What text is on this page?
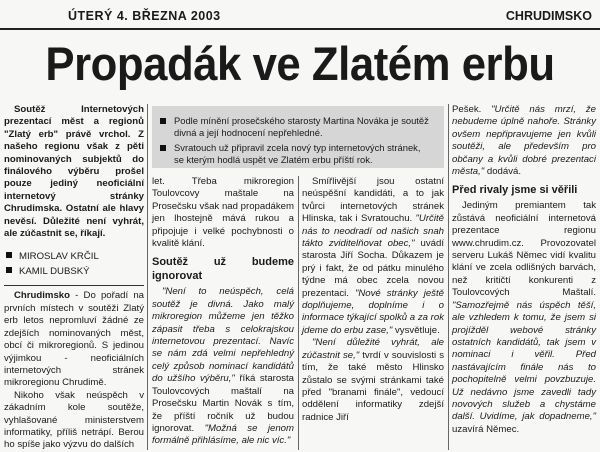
ÚTERÝ 4. BŘEZNA 2003	CHRUDIMSKO
Propadák ve Zlatém erbu

Soutěž Internetových prezentací měst a regionů "Zlatý erb" právě vrchol. Z našeho regionu však z pěti nominovaných subjektů do finálového výběru prošel pouze jediný neoficiální internetový stránky Chrudimska. Ostatní ale hlavy nevěsí. Důležité není vyhrát, ale zúčastnit se, říkají.

MIROSLAV KRČIL
KAMIL DUBSKÝ

Chrudimsko - Do pořadí na prvních místech v soutěži Zlatý erb letos nepromluví žádné ze zdejších nominovaných měst, obcí či mikroregionů. S jedinou výjimkou - neoficiálních internetových stránek mikroregionu Chrudimě.

Nikoho však neúspěch v zákadním kole soutěže, vyhlašované ministerstvem informatiky, příliš netrápí. Berou ho spíše jako výzvu do dalších

Podle mínění prosečského starosty Martina Nováka je soutěž divná a její hodnocení nepřehledné.
Svratouch už připravil zcela nový typ internetových stránek, se kterým hodlá uspět ve Zlatém erbu příští rok.

let. Třeba mikroregion Toulovcovy maštale na Prosečsku však nad propadákem jen lhostejně mává rukou a připojuje i velké pochybnosti o kvalitě klání.

Soutěž už budeme ignorovat

"Není to neúspěch, celá soutěž je divná. Jako malý mikroregion můžeme jen těžko zápasit třeba s celokrajskou internetovou prezentací. Navíc se nám zdá velmi nepřehledný celý způsob nominací kandidátů do užšího výběru," říká starosta Toulovcových maštalí na Prosečsku Martin Novák s tím, že příští ročník už budou ignorovat. "Možná se jenom formálně přihlásíme, ale nic víc."

Smířlivější jsou ostatní neúspěšní kandidáti, a to jak tvůrci internetových stránek Hlinska, tak i Svratouchu. "Určitě nás to neodradí od našich snah tákto zviditelňovat obec," uvádí starosta Jiří Socha. Důkazem je prý i fakt, že od pátku minulého týdne má obec zcela novou prezentaci. "Nové stránky ještě doplňujeme, doplníme i o informace týkající spolků a za rok jdeme do erbu zase," vysvětluje.

"Není důležité vyhrát, ale zúčastnit se," tvrdí v souvislosti s tím, že také město Hlinsko zůstalo se svými stránkami také před "branami finále", vedoucí oddělení informatiky zdejší radnice Jiří

Pešek. "Určitě nás mrzí, že nebudeme úplně nahoře. Stránky ovšem nepřipravujeme jen kvůli soutěži, ale především pro občany a kvůli dobré prezentaci města," dodává.

Před rivaly jsme si věřili

Jediným premiantem tak zůstává neoficiální internetová prezentace regionu www.chrudim.cz. Provozovatel serveru Lukáš Němec vidí kvalitu klání ve zcela odlišných barvách, než kritičtí konkurenti z Toulovcových Maštalí. "Samozřejmě nás úspěch těší, ale vzhledem k tomu, že jsem si projížděl webové stránky ostatních kandidátů, tak jsem v nominaci i věřil. Před nastávajícím finále nás to pochopitelně velmi povzbuzuje. Už nedávno jsme zavedli tady novových služeb a chystáme další. Uvidíme, jak dopadneme," uzavírá Němec.
